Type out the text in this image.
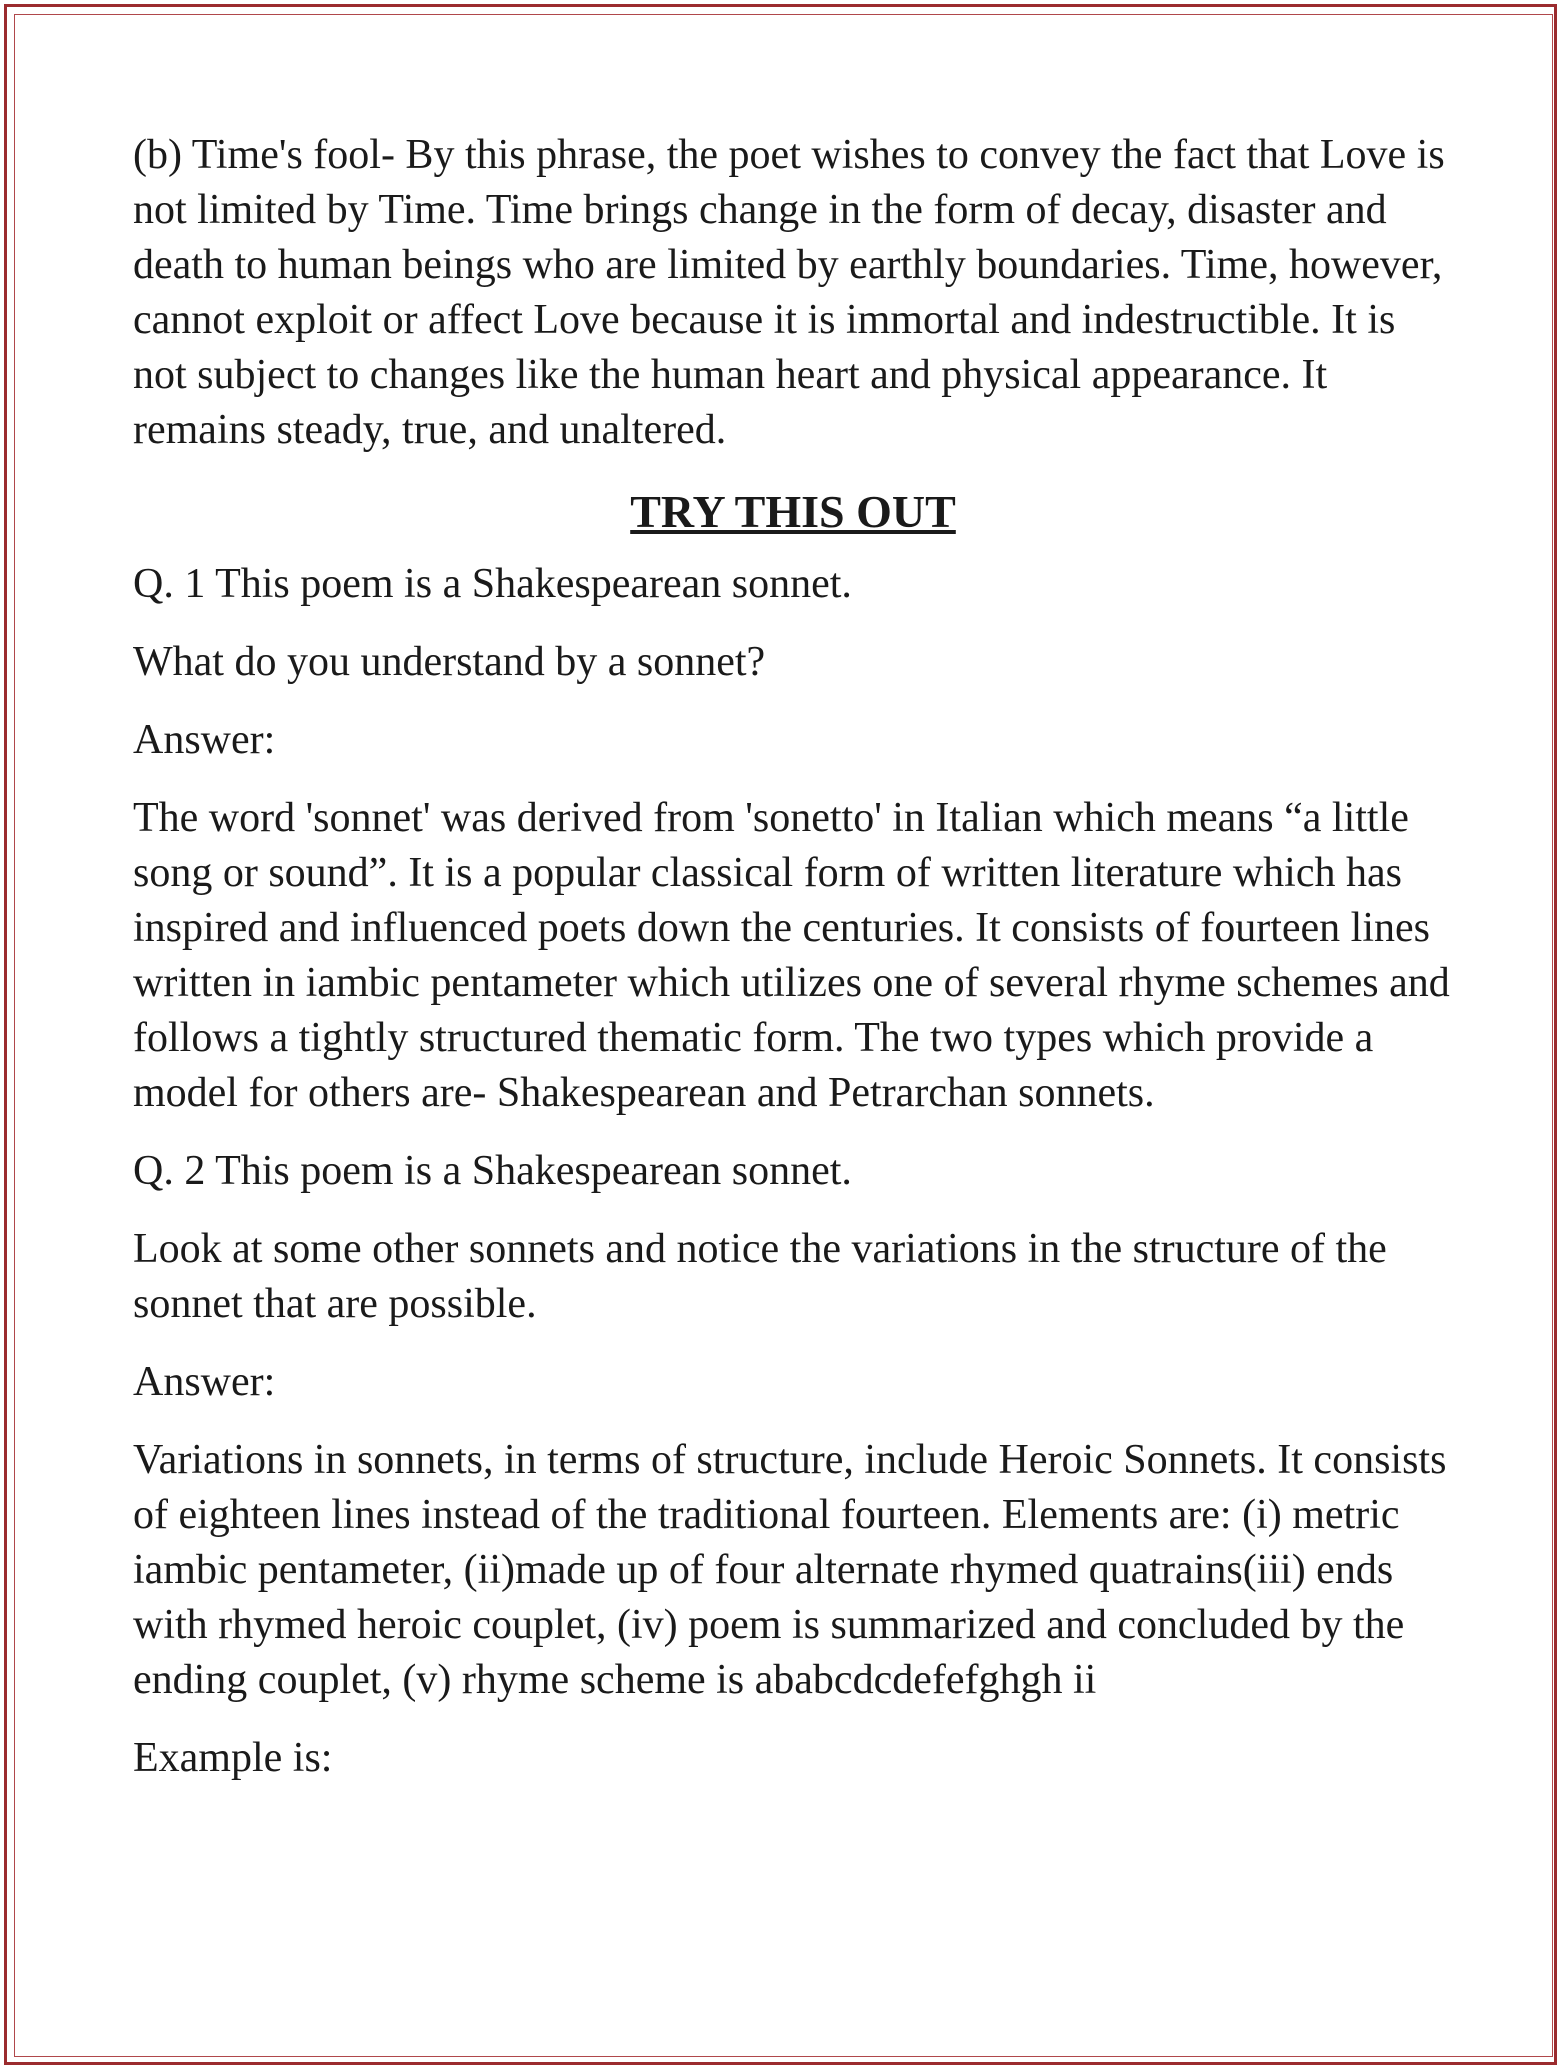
(b) Time's fool- By this phrase, the poet wishes to convey the fact that Love is not limited by Time. Time brings change in the form of decay, disaster and death to human beings who are limited by earthly boundaries. Time, however, cannot exploit or affect Love because it is immortal and indestructible. It is not subject to changes like the human heart and physical appearance. It remains steady, true, and unaltered.

TRY THIS OUT

Q. 1 This poem is a Shakespearean sonnet.

What do you understand by a sonnet?

Answer:

The word 'sonnet' was derived from 'sonetto' in Italian which means “a little song or sound”. It is a popular classical form of written literature which has inspired and influenced poets down the centuries. It consists of fourteen lines written in iambic pentameter which utilizes one of several rhyme schemes and follows a tightly structured thematic form. The two types which provide a model for others are- Shakespearean and Petrarchan sonnets.

Q. 2 This poem is a Shakespearean sonnet.

Look at some other sonnets and notice the variations in the structure of the sonnet that are possible.

Answer:

Variations in sonnets, in terms of structure, include Heroic Sonnets. It consists of eighteen lines instead of the traditional fourteen. Elements are: (i) metric iambic pentameter, (ii)made up of four alternate rhymed quatrains(iii) ends with rhymed heroic couplet, (iv) poem is summarized and concluded by the ending couplet, (v) rhyme scheme is ababcdcdefefghgh ii

Example is:
